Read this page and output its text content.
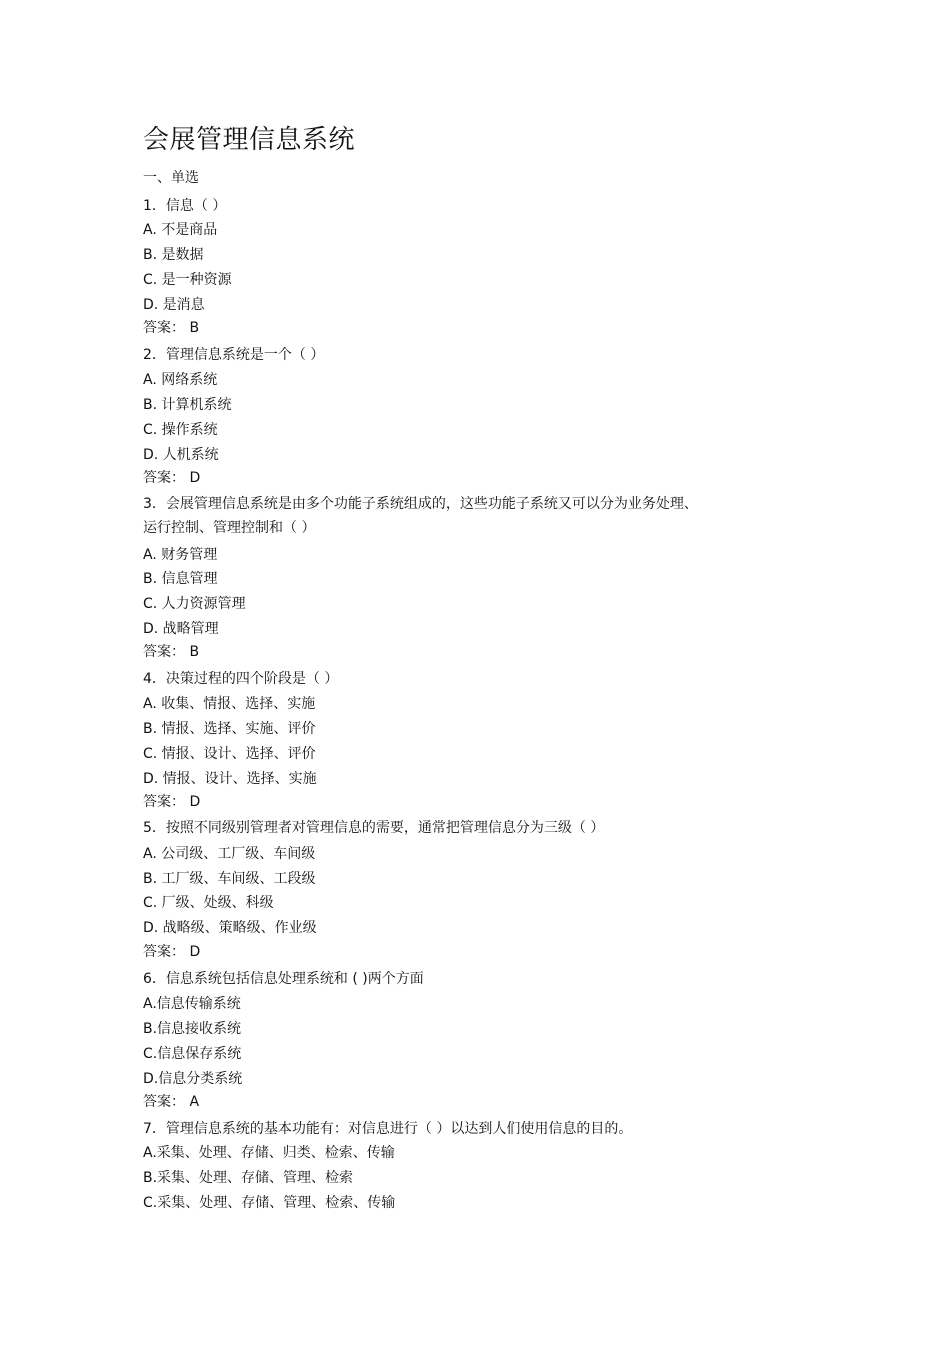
会展管理信息系统
一、单选
1．信息（ ）
A. 不是商品
B. 是数据
C. 是一种资源
D. 是消息
答案： B
2．管理信息系统是一个（ ）
A. 网络系统
B. 计算机系统
C. 操作系统
D. 人机系统
答案： D
3．会展管理信息系统是由多个功能子系统组成的，这些功能子系统又可以分为业务处理、
运行控制、管理控制和（ ）
A. 财务管理
B. 信息管理
C. 人力资源管理
D. 战略管理
答案： B
4．决策过程的四个阶段是（ ）
A. 收集、情报、选择、实施
B. 情报、选择、实施、评价
C. 情报、设计、选择、评价
D. 情报、设计、选择、实施
答案： D
5．按照不同级别管理者对管理信息的需要，通常把管理信息分为三级（ ）
A. 公司级、工厂级、车间级
B. 工厂级、车间级、工段级
C. 厂级、处级、科级
D. 战略级、策略级、作业级
答案： D
6．信息系统包括信息处理系统和 ( )两个方面
A.信息传输系统
B.信息接收系统
C.信息保存系统
D.信息分类系统
答案： A
7．管理信息系统的基本功能有：对信息进行（ ）以达到人们使用信息的目的。
A.采集、处理、存储、归类、检索、传输
B.采集、处理、存储、管理、检索
C.采集、处理、存储、管理、检索、传输
